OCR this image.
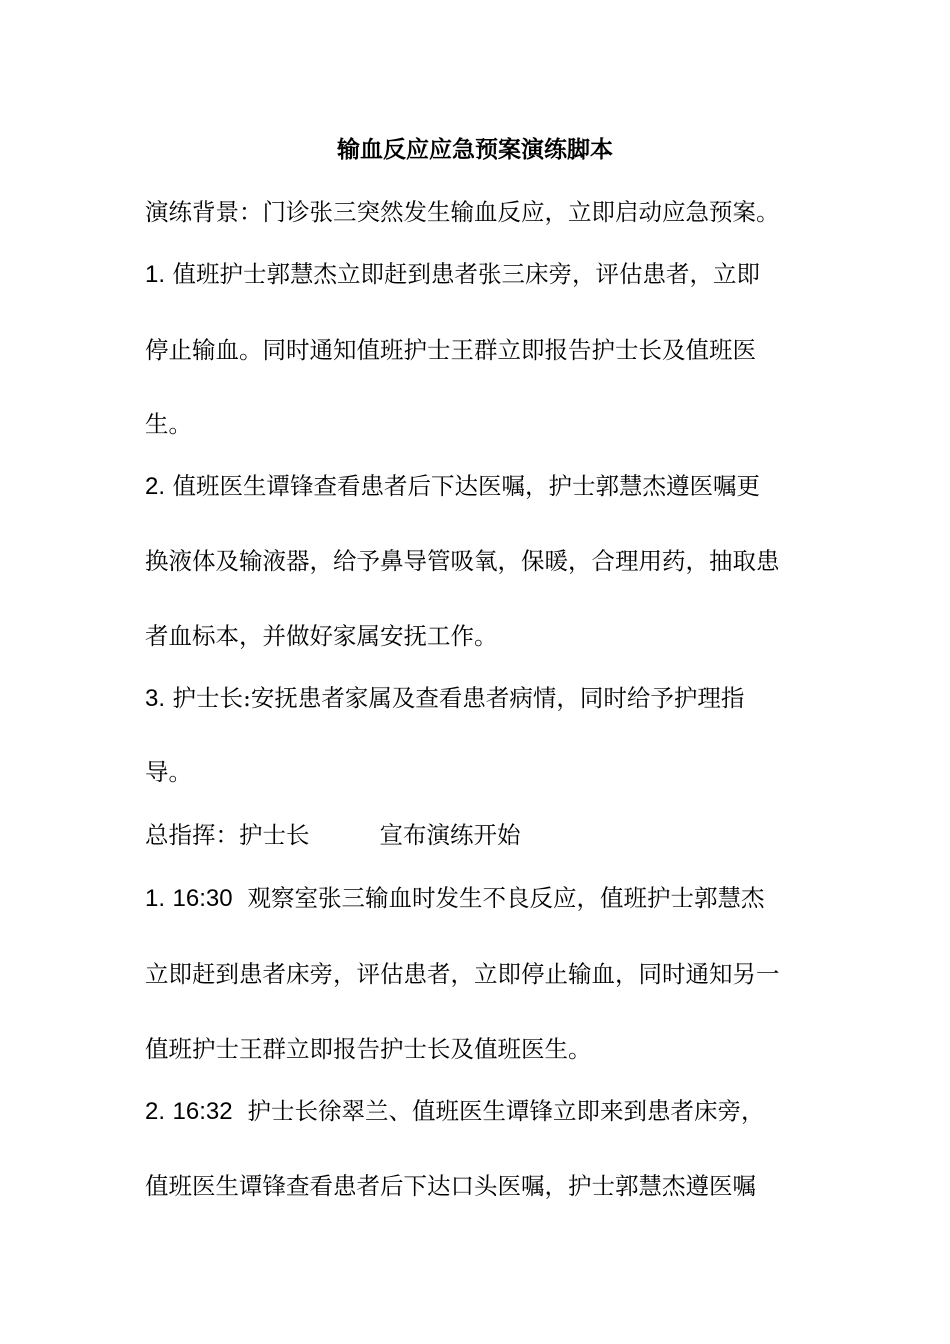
输血反应应急预案演练脚本
演练背景：门诊张三突然发生输血反应，立即启动应急预案。
1. 值班护士郭慧杰立即赶到患者张三床旁，评估患者，立即
停止输血。同时通知值班护士王群立即报告护士长及值班医
生。
2. 值班医生谭锋查看患者后下达医嘱，护士郭慧杰遵医嘱更
换液体及输液器，给予鼻导管吸氧，保暖，合理用药，抽取患
者血标本，并做好家属安抚工作。
3. 护士长:安抚患者家属及查看患者病情，同时给予护理指
导。
总指挥：护士长	宣布演练开始
1. 16:30 观察室张三输血时发生不良反应，值班护士郭慧杰
立即赶到患者床旁，评估患者，立即停止输血，同时通知另一
值班护士王群立即报告护士长及值班医生。
2. 16:32 护士长徐翠兰、值班医生谭锋立即来到患者床旁，
值班医生谭锋查看患者后下达口头医嘱，护士郭慧杰遵医嘱
